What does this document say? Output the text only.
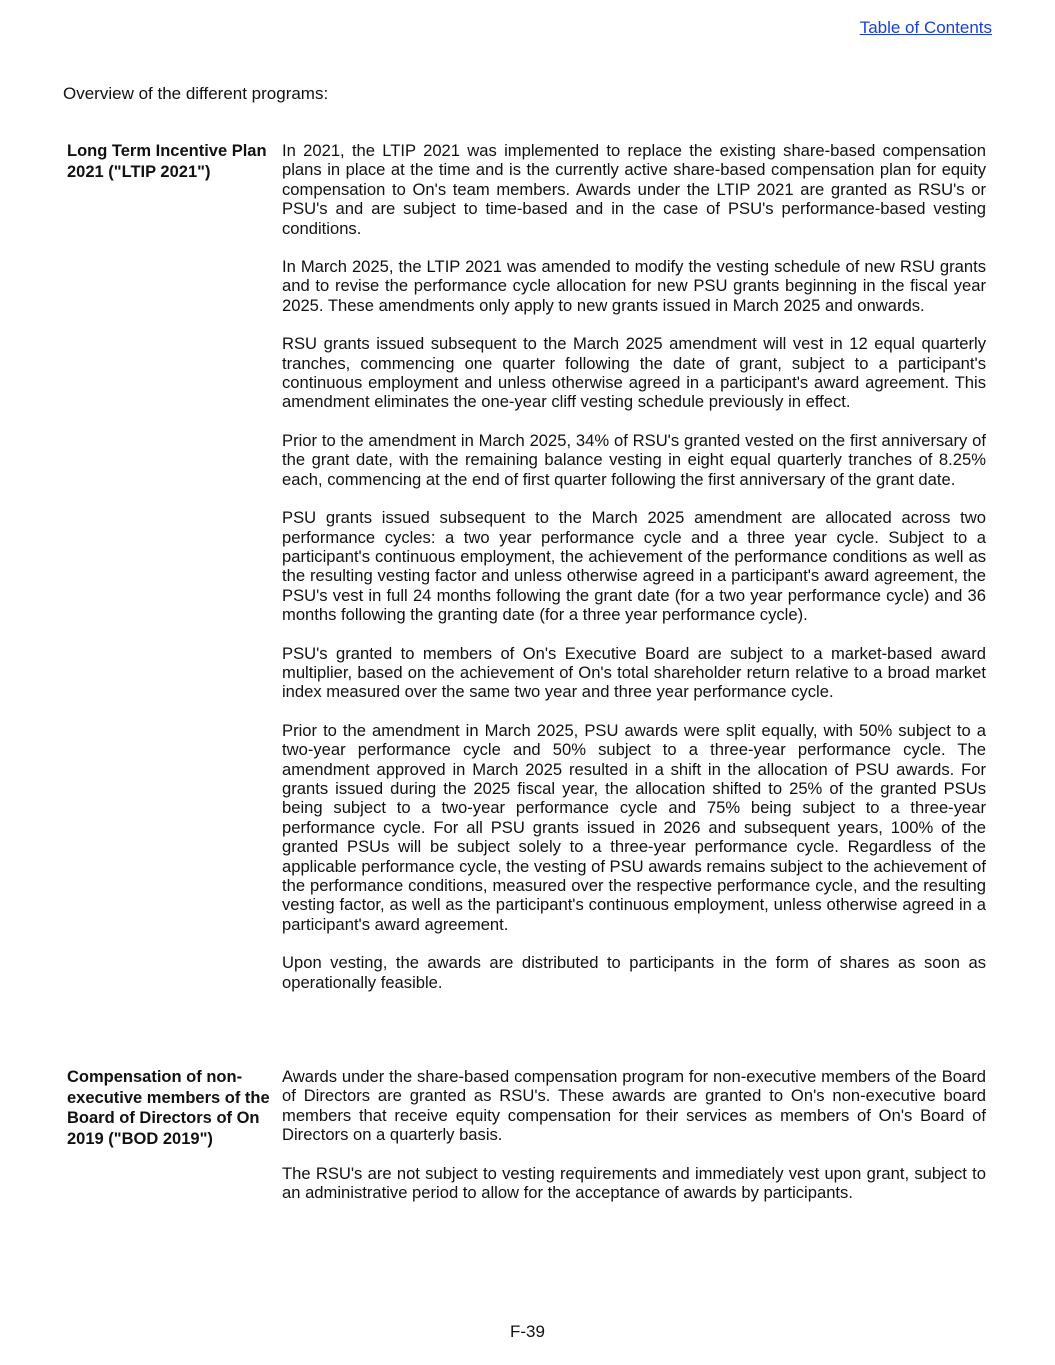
Table of Contents
Overview of the different programs:
Long Term Incentive Plan 2021 ("LTIP 2021")

In 2021, the LTIP 2021 was implemented to replace the existing share-based compensation plans in place at the time and is the currently active share-based compensation plan for equity compensation to On's team members. Awards under the LTIP 2021 are granted as RSU's or PSU's and are subject to time-based and in the case of PSU's performance-based vesting conditions.

In March 2025, the LTIP 2021 was amended to modify the vesting schedule of new RSU grants and to revise the performance cycle allocation for new PSU grants beginning in the fiscal year 2025. These amendments only apply to new grants issued in March 2025 and onwards.

RSU grants issued subsequent to the March 2025 amendment will vest in 12 equal quarterly tranches, commencing one quarter following the date of grant, subject to a participant's continuous employment and unless otherwise agreed in a participant's award agreement. This amendment eliminates the one-year cliff vesting schedule previously in effect.

Prior to the amendment in March 2025, 34% of RSU's granted vested on the first anniversary of the grant date, with the remaining balance vesting in eight equal quarterly tranches of 8.25% each, commencing at the end of first quarter following the first anniversary of the grant date.

PSU grants issued subsequent to the March 2025 amendment are allocated across two performance cycles: a two year performance cycle and a three year cycle. Subject to a participant's continuous employment, the achievement of the performance conditions as well as the resulting vesting factor and unless otherwise agreed in a participant's award agreement, the PSU's vest in full 24 months following the grant date (for a two year performance cycle) and 36 months following the granting date (for a three year performance cycle).

PSU's granted to members of On's Executive Board are subject to a market-based award multiplier, based on the achievement of On's total shareholder return relative to a broad market index measured over the same two year and three year performance cycle.

Prior to the amendment in March 2025, PSU awards were split equally, with 50% subject to a two-year performance cycle and 50% subject to a three-year performance cycle. The amendment approved in March 2025 resulted in a shift in the allocation of PSU awards. For grants issued during the 2025 fiscal year, the allocation shifted to 25% of the granted PSUs being subject to a two-year performance cycle and 75% being subject to a three-year performance cycle. For all PSU grants issued in 2026 and subsequent years, 100% of the granted PSUs will be subject solely to a three-year performance cycle. Regardless of the applicable performance cycle, the vesting of PSU awards remains subject to the achievement of the performance conditions, measured over the respective performance cycle, and the resulting vesting factor, as well as the participant's continuous employment, unless otherwise agreed in a participant's award agreement.

Upon vesting, the awards are distributed to participants in the form of shares as soon as operationally feasible.

Compensation of non-executive members of the Board of Directors of On 2019 ("BOD 2019")

Awards under the share-based compensation program for non-executive members of the Board of Directors are granted as RSU's. These awards are granted to On's non-executive board members that receive equity compensation for their services as members of On's Board of Directors on a quarterly basis.

The RSU's are not subject to vesting requirements and immediately vest upon grant, subject to an administrative period to allow for the acceptance of awards by participants.

F-39
